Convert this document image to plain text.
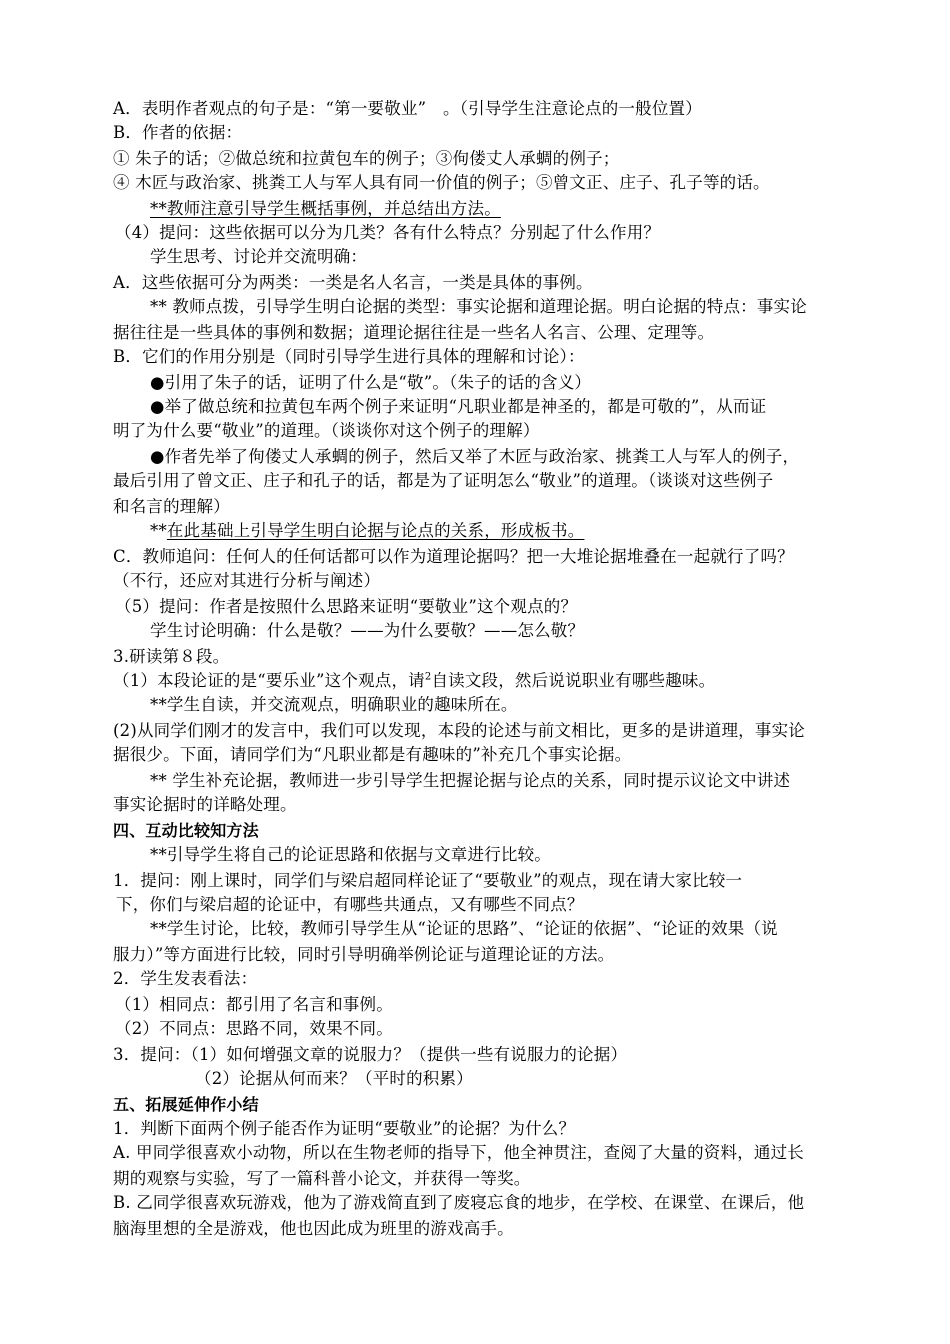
A．表明作者观点的句子是：“第一要敬业”　。（引导学生注意论点的一般位置）
B．作者的依据：
① 朱子的话；②做总统和拉黄包车的例子；③佝偻丈人承蜩的例子；
④ 木匠与政治家、挑粪工人与军人具有同一价值的例子；⑤曾文正、庄子、孔子等的话。
**教师注意引导学生概括事例，并总结出方法。
（4）提问：这些依据可以分为几类？各有什么特点？分别起了什么作用？
学生思考、讨论并交流明确：
A．这些依据可分为两类：一类是名人名言，一类是具体的事例。
** 教师点拨，引导学生明白论据的类型：事实论据和道理论据。明白论据的特点：事实论
据往往是一些具体的事例和数据；道理论据往往是一些名人名言、公理、定理等。
B．它们的作用分别是（同时引导学生进行具体的理解和讨论）：
●引用了朱子的话，证明了什么是“敬”。（朱子的话的含义）
●举了做总统和拉黄包车两个例子来证明“凡职业都是神圣的，都是可敬的”，从而证
明了为什么要“敬业”的道理。（谈谈你对这个例子的理解）
●作者先举了佝偻丈人承蜩的例子，然后又举了木匠与政治家、挑粪工人与军人的例子，
最后引用了曾文正、庄子和孔子的话，都是为了证明怎么“敬业”的道理。（谈谈对这些例子
和名言的理解）
**在此基础上引导学生明白论据与论点的关系，形成板书。
C．教师追问：任何人的任何话都可以作为道理论据吗？把一大堆论据堆叠在一起就行了吗？
（不行，还应对其进行分析与阐述）
（5）提问：作者是按照什么思路来证明“要敬业”这个观点的？
学生讨论明确：什么是敬？——为什么要敬？——怎么敬？
3.研读第８段。
（1）本段论证的是“要乐业”这个观点，请$^2$自读文段，然后说说职业有哪些趣味。
**学生自读，并交流观点，明确职业的趣味所在。
(2)从同学们刚才的发言中，我们可以发现，本段的论述与前文相比，更多的是讲道理，事实论
据很少。下面，请同学们为“凡职业都是有趣味的”补充几个事实论据。
** 学生补充论据，教师进一步引导学生把握论据与论点的关系，同时提示议论文中讲述
事实论据时的详略处理。
四、互动比较知方法
**引导学生将自己的论证思路和依据与文章进行比较。
1．提问：刚上课时，同学们与梁启超同样论证了“要敬业”的观点，现在请大家比较一
下，你们与梁启超的论证中，有哪些共通点，又有哪些不同点？
**学生讨论，比较，教师引导学生从“论证的思路”、“论证的依据”、“论证的效果（说
服力）”等方面进行比较，同时引导明确举例论证与道理论证的方法。
2．学生发表看法：
（1）相同点：都引用了名言和事例。
（2）不同点：思路不同，效果不同。
3．提问：（1）如何增强文章的说服力？（提供一些有说服力的论据）
（2）论据从何而来？（平时的积累）
五、拓展延伸作小结
1．判断下面两个例子能否作为证明“要敬业”的论据？为什么？
A. 甲同学很喜欢小动物，所以在生物老师的指导下，他全神贯注，查阅了大量的资料，通过长
期的观察与实验，写了一篇科普小论文，并获得一等奖。
B. 乙同学很喜欢玩游戏，他为了游戏简直到了废寝忘食的地步，在学校、在课堂、在课后，他
脑海里想的全是游戏，他也因此成为班里的游戏高手。
